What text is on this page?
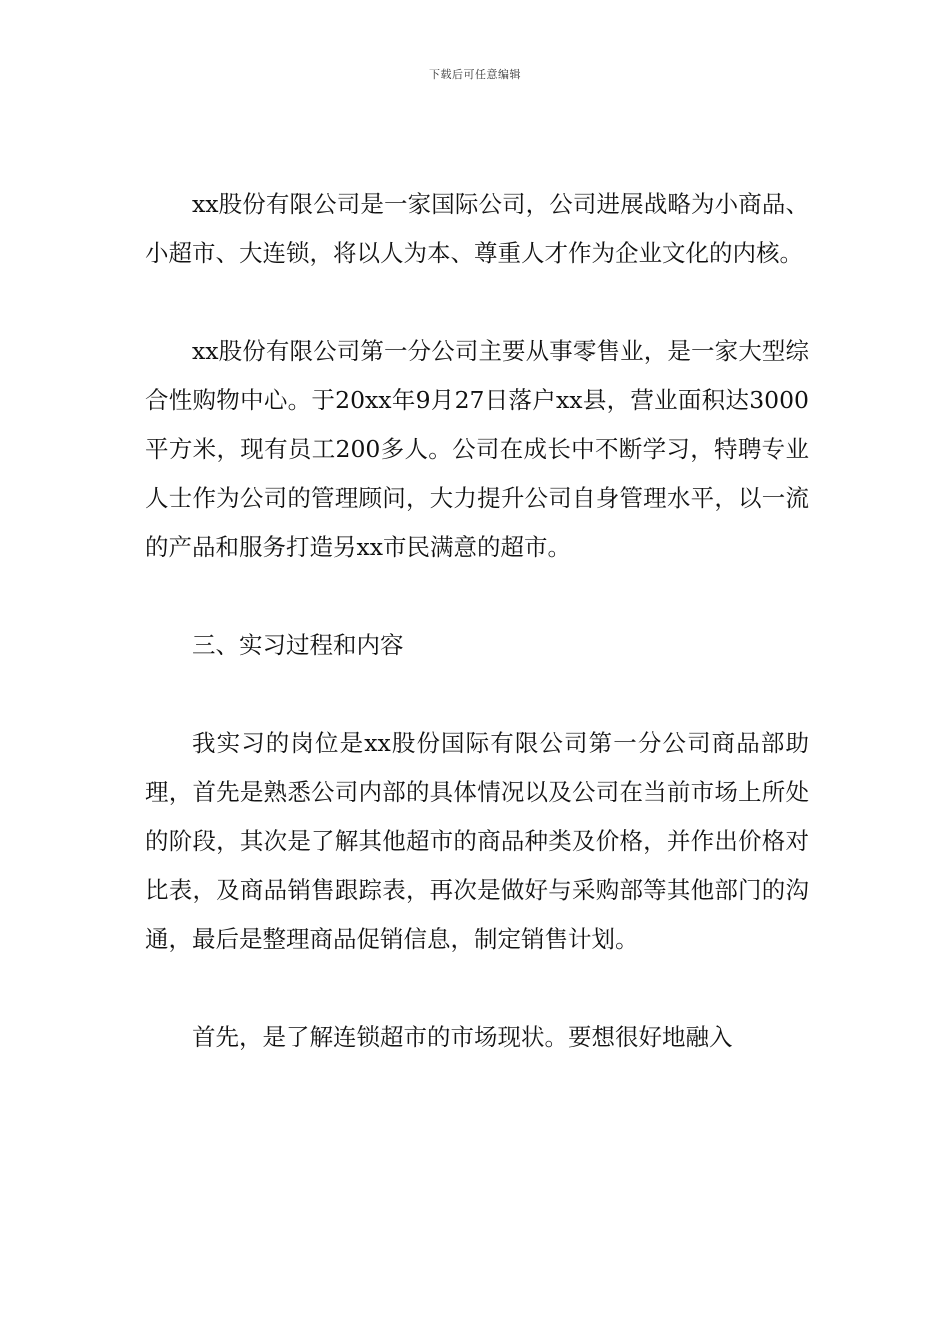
下载后可任意编辑

xx股份有限公司是一家国际公司，公司进展战略为小商品、小超市、大连锁，将以人为本、尊重人才作为企业文化的内核。

xx股份有限公司第一分公司主要从事零售业，是一家大型综合性购物中心。于20xx年9月27日落户xx县，营业面积达3000平方米，现有员工200多人。公司在成长中不断学习，特聘专业人士作为公司的管理顾问，大力提升公司自身管理水平，以一流的产品和服务打造另xx市民满意的超市。

三、实习过程和内容

我实习的岗位是xx股份国际有限公司第一分公司商品部助理，首先是熟悉公司内部的具体情况以及公司在当前市场上所处的阶段，其次是了解其他超市的商品种类及价格，并作出价格对比表，及商品销售跟踪表，再次是做好与采购部等其他部门的沟通，最后是整理商品促销信息，制定销售计划。

首先，是了解连锁超市的市场现状。要想很好地融入
